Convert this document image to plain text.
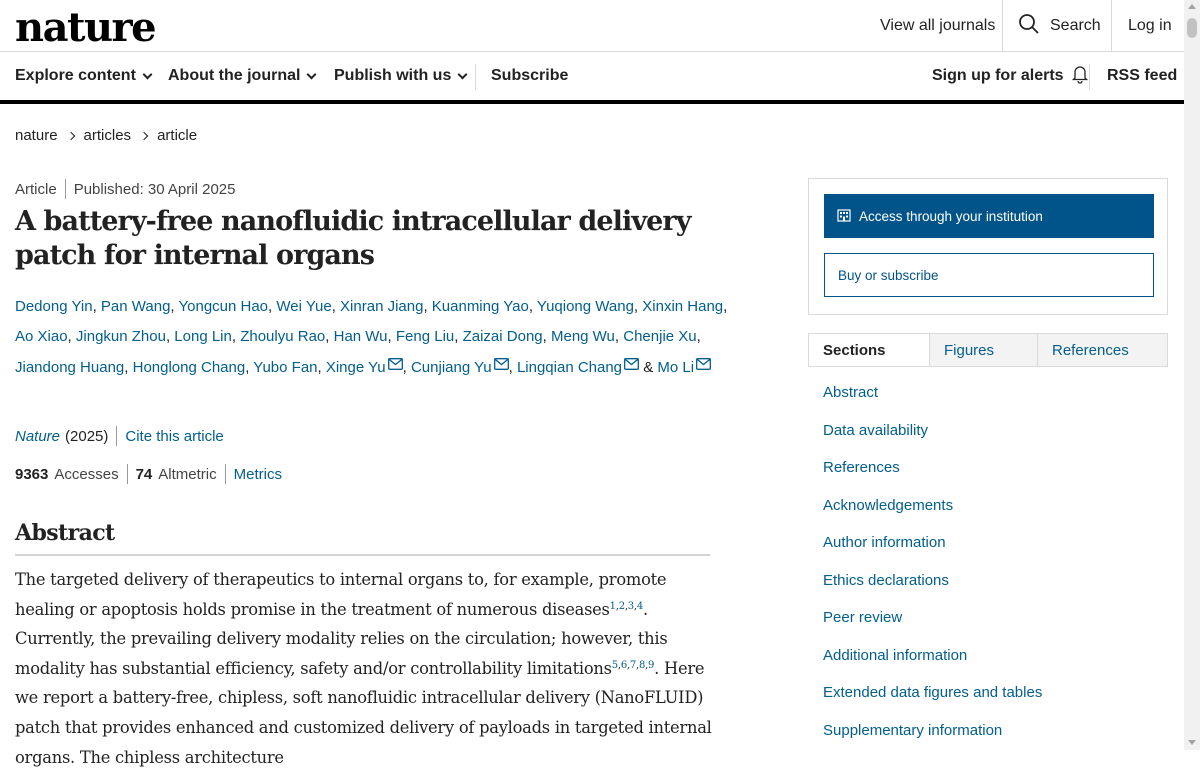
nature	View all journals	Search Log in
Explore content About the journal Publish with us Subscribe	Sign up for alerts	RSS feed
nature articles article
Article Published: 30 April 2025
A battery-free nanofluidic intracellular delivery patch for internal organs
Dedong Yin, Pan Wang, Yongcun Hao, Wei Yue, Xinran Jiang, Kuanming Yao, Yuqiong Wang, Xinxin Hang, Ao Xiao, Jingkun Zhou, Long Lin, Zhoulyu Rao, Han Wu, Feng Liu, Zaizai Dong, Meng Wu, Chenjie Xu, Jiandong Huang, Honglong Chang, Yubo Fan, Xinge Yu , Cunjiang Yu , Lingqian Chang & Mo Li
Nature (2025) Cite this article
9363 Accesses 74 Altmetric Metrics
Abstract

The targeted delivery of therapeutics to internal organs to, for example, promote healing or apoptosis holds promise in the treatment of numerous diseases$^{1,2,3,4}$. Currently, the prevailing delivery modality relies on the circulation; however, this modality has substantial efficiency, safety and/or controllability limitations$^{5,6,7,8,9}$. Here we report a battery-free, chipless, soft nanofluidic intracellular delivery (NanoFLUID) patch that provides enhanced and customized delivery of payloads in targeted internal organs. The chipless architecture

Access through your institution
Buy or subscribe
Sections	Figures	References
Abstract
Data availability
References
Acknowledgements
Author information
Ethics declarations
Peer review
Additional information
Extended data figures and tables
Supplementary information
